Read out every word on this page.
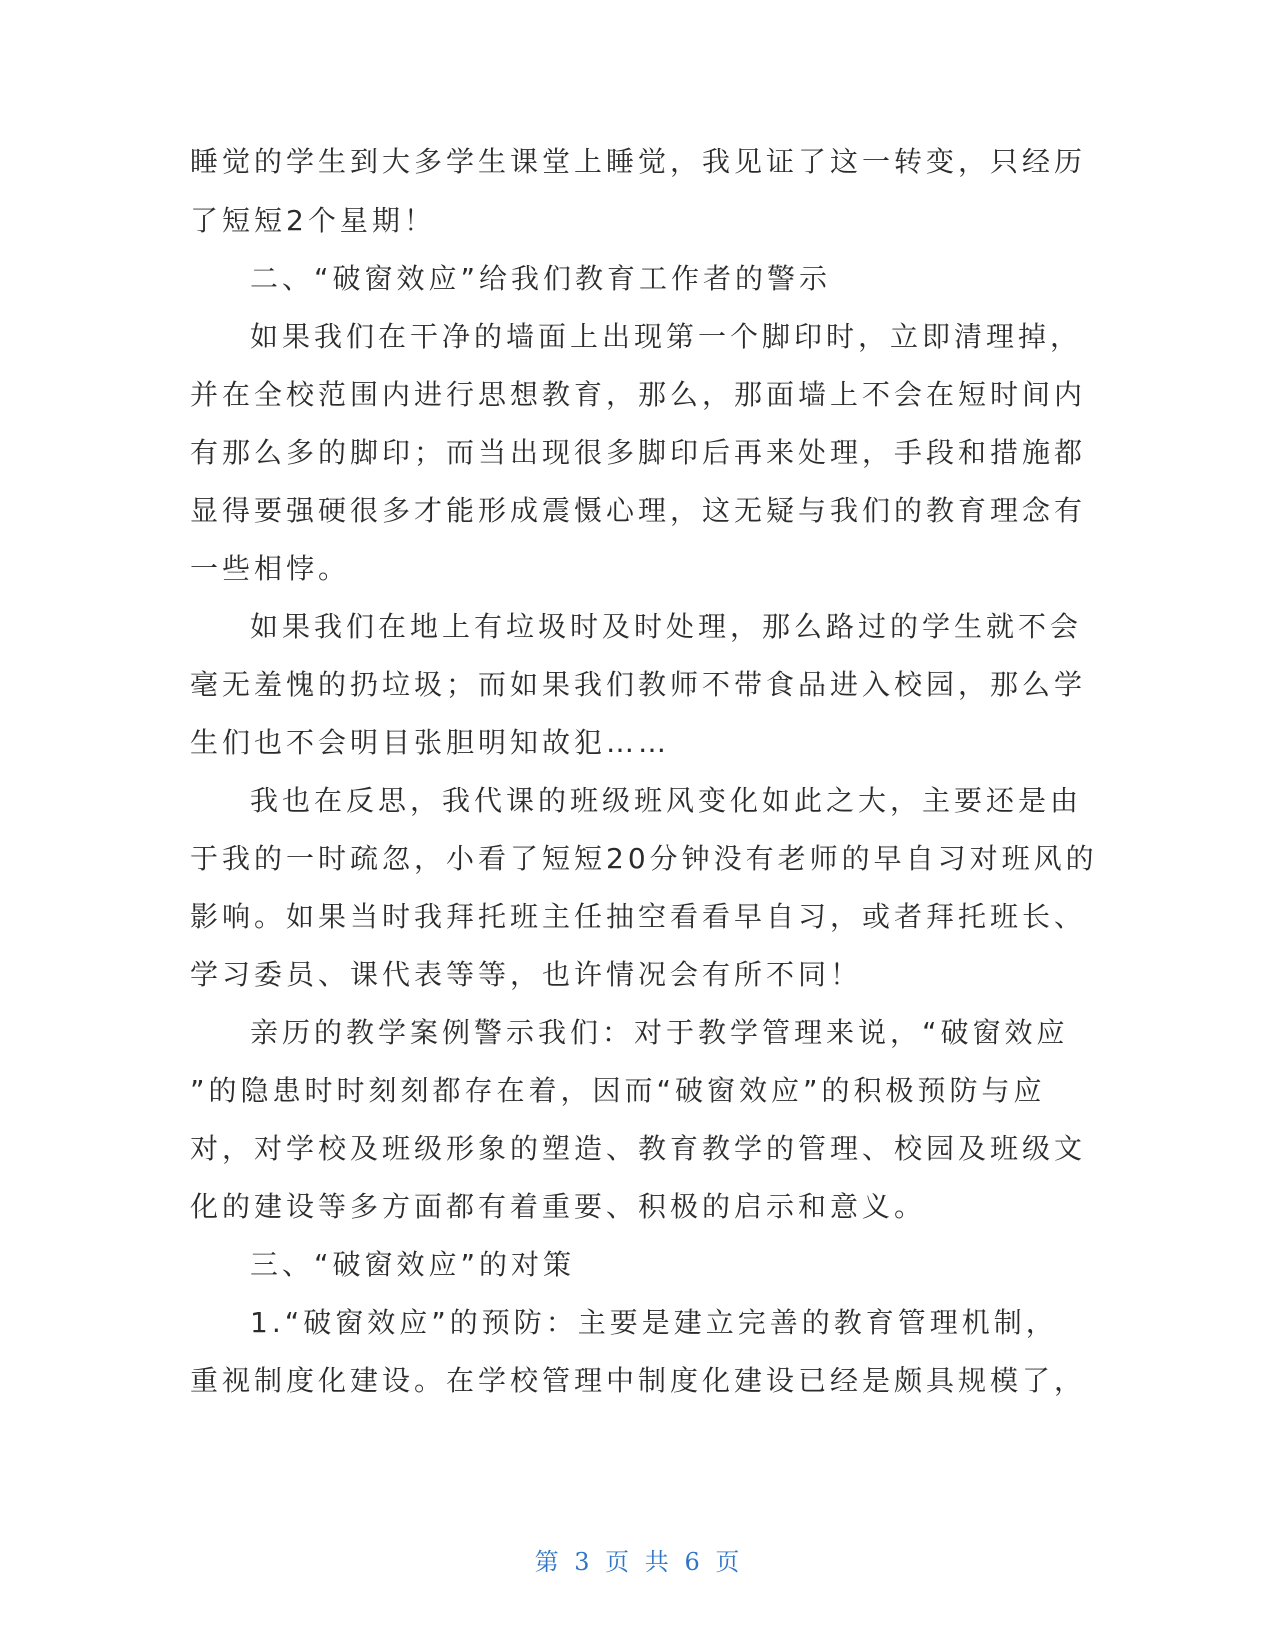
睡觉的学生到大多学生课堂上睡觉，我见证了这一转变，只经历
了短短2个星期！
二、“破窗效应”给我们教育工作者的警示
如果我们在干净的墙面上出现第一个脚印时，立即清理掉，
并在全校范围内进行思想教育，那么，那面墙上不会在短时间内
有那么多的脚印；而当出现很多脚印后再来处理，手段和措施都
显得要强硬很多才能形成震慑心理，这无疑与我们的教育理念有
一些相悖。
如果我们在地上有垃圾时及时处理，那么路过的学生就不会
毫无羞愧的扔垃圾；而如果我们教师不带食品进入校园，那么学
生们也不会明目张胆明知故犯……
我也在反思，我代课的班级班风变化如此之大，主要还是由
于我的一时疏忽，小看了短短20分钟没有老师的早自习对班风的
影响。如果当时我拜托班主任抽空看看早自习，或者拜托班长、
学习委员、课代表等等，也许情况会有所不同！
亲历的教学案例警示我们：对于教学管理来说，“破窗效应
”的隐患时时刻刻都存在着，因而“破窗效应”的积极预防与应
对，对学校及班级形象的塑造、教育教学的管理、校园及班级文
化的建设等多方面都有着重要、积极的启示和意义。
三、“破窗效应”的对策
1.“破窗效应”的预防：主要是建立完善的教育管理机制，
重视制度化建设。在学校管理中制度化建设已经是颇具规模了，
第 3 页 共 6 页
